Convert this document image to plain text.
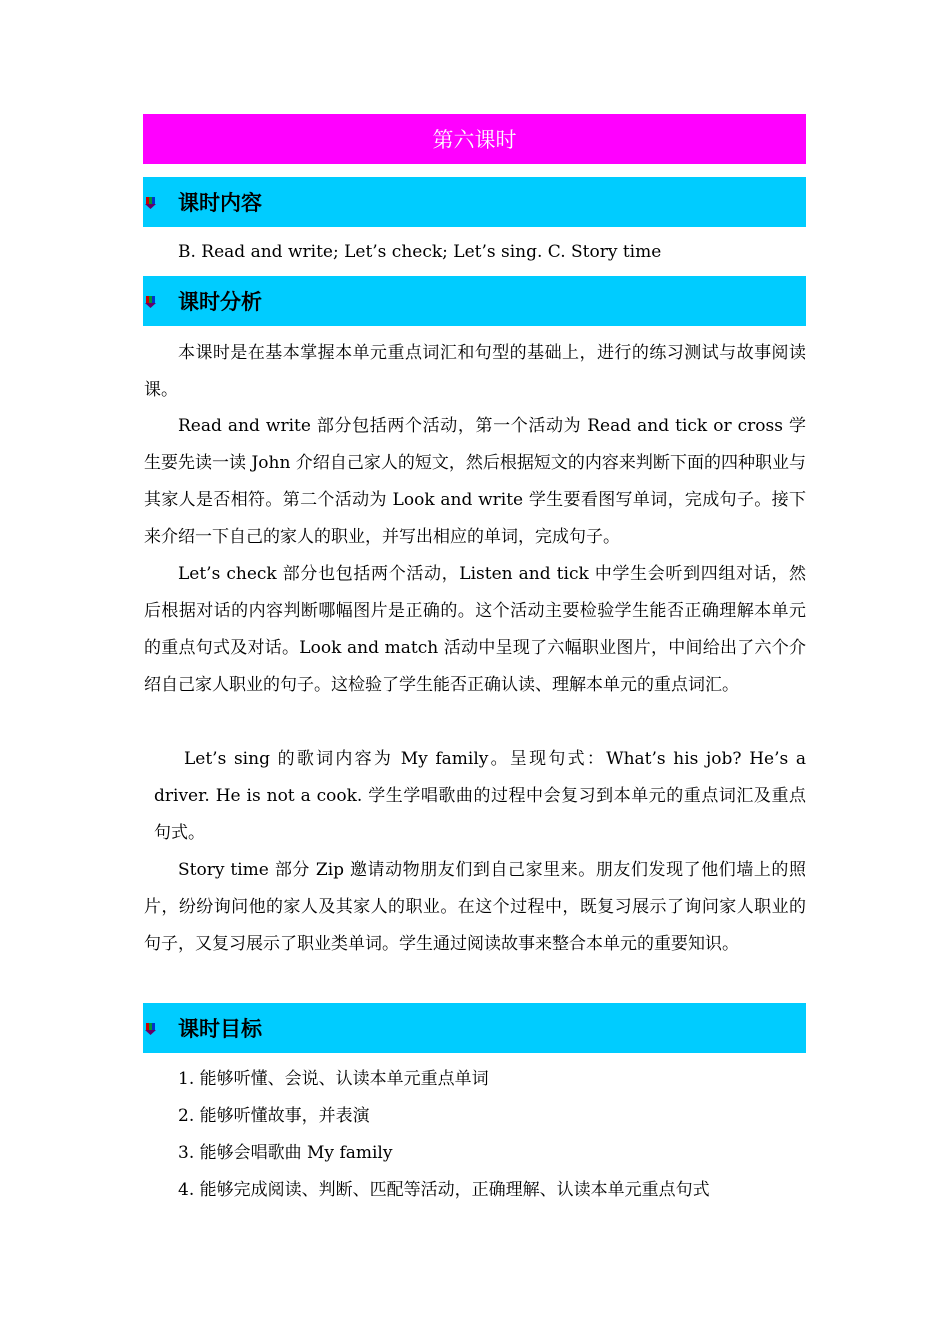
第六课时
课时内容
B. Read and write; Let’s check; Let’s sing. C. Story time
课时分析

本课时是在基本掌握本单元重点词汇和句型的基础上，进行的练习测试与故事阅读课。

Read and write 部分包括两个活动，第一个活动为 Read and tick or cross 学生要先读一读 John 介绍自己家人的短文，然后根据短文的内容来判断下面的四种职业与其家人是否相符。第二个活动为 Look and write 学生要看图写单词，完成句子。接下来介绍一下自己的家人的职业，并写出相应的单词，完成句子。

Let’s check 部分也包括两个活动，Listen and tick 中学生会听到四组对话，然后根据对话的内容判断哪幅图片是正确的。这个活动主要检验学生能否正确理解本单元的重点句式及对话。Look and match 活动中呈现了六幅职业图片，中间给出了六个介绍自己家人职业的句子。这检验了学生能否正确认读、理解本单元的重点词汇。

Let’s sing 的歌词内容为 My family。呈现句式：What’s his job? He’s a driver. He is not a cook. 学生学唱歌曲的过程中会复习到本单元的重点词汇及重点句式。

Story time 部分 Zip 邀请动物朋友们到自己家里来。朋友们发现了他们墙上的照片，纷纷询问他的家人及其家人的职业。在这个过程中，既复习展示了询问家人职业的句子，又复习展示了职业类单词。学生通过阅读故事来整合本单元的重要知识。

课时目标
1. 能够听懂、会说、认读本单元重点单词
2. 能够听懂故事，并表演
3. 能够会唱歌曲 My family
4. 能够完成阅读、判断、匹配等活动，正确理解、认读本单元重点句式
